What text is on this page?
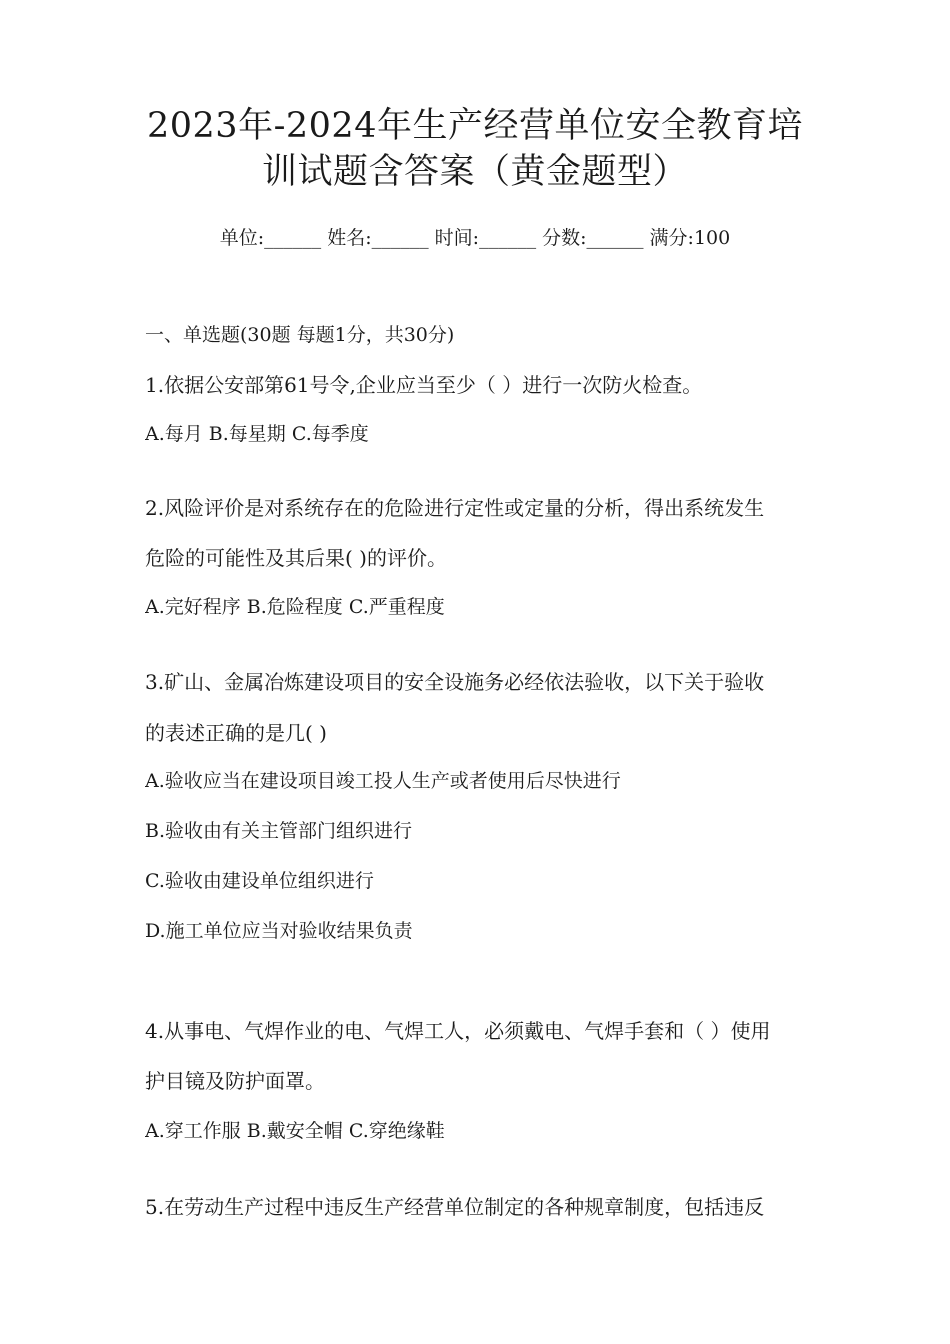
2023年-2024年生产经营单位安全教育培
训试题含答案（黄金题型）
单位:______ 姓名:______ 时间:______ 分数:______ 满分:100
一、单选题(30题 每题1分，共30分)
1.依据公安部第61号令,企业应当至少（ ）进行一次防火检查。
A.每月 B.每星期 C.每季度
2.风险评价是对系统存在的危险进行定性或定量的分析，得出系统发生
危险的可能性及其后果( )的评价。
A.完好程序 B.危险程度 C.严重程度
3.矿山、金属冶炼建设项目的安全设施务必经依法验收，以下关于验收
的表述正确的是几( )
A.验收应当在建设项目竣工投人生产或者使用后尽快进行
B.验收由有关主管部门组织进行
C.验收由建设单位组织进行
D.施工单位应当对验收结果负责
4.从事电、气焊作业的电、气焊工人，必须戴电、气焊手套和（ ）使用
护目镜及防护面罩。
A.穿工作服 B.戴安全帽 C.穿绝缘鞋
5.在劳动生产过程中违反生产经营单位制定的各种规章制度，包括违反
